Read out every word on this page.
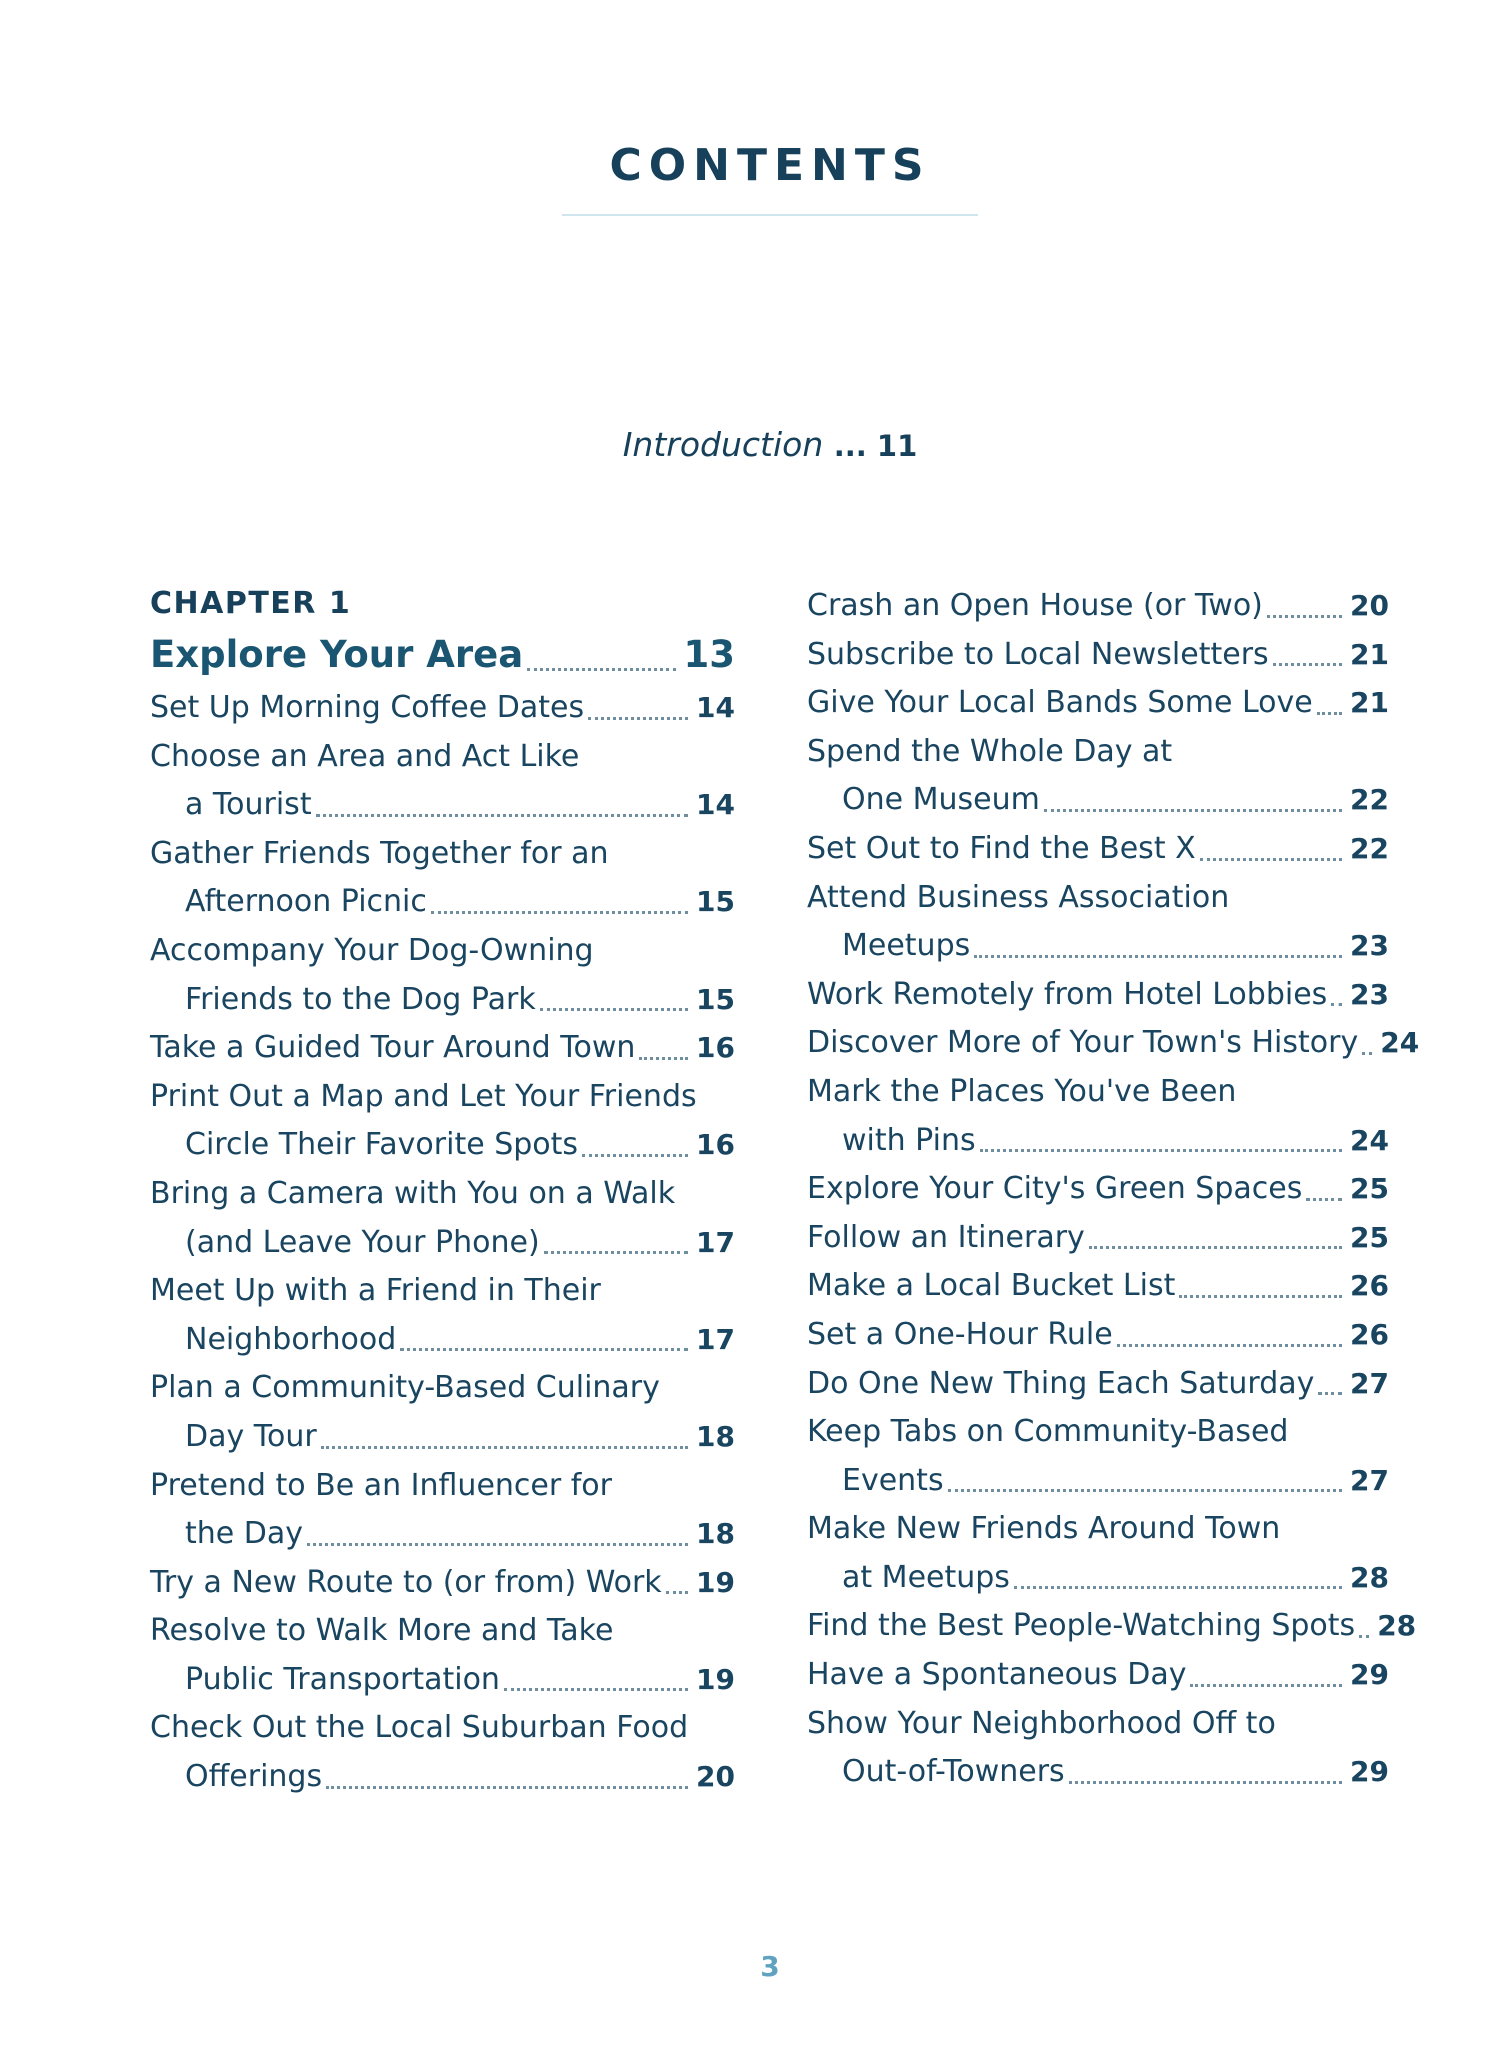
CONTENTS
Introduction ... 11
CHAPTER 1
Explore Your Area	13
Set Up Morning Coffee Dates	14
Choose an Area and Act Like
a Tourist	14
Gather Friends Together for an
Afternoon Picnic	15
Accompany Your Dog-Owning
Friends to the Dog Park	15
Take a Guided Tour Around Town 16
Print Out a Map and Let Your Friends
Circle Their Favorite Spots	16
Bring a Camera with You on a Walk
(and Leave Your Phone)	17
Meet Up with a Friend in Their
Neighborhood	17
Plan a Community-Based Culinary
Day Tour	18
Pretend to Be an Influencer for
the Day	18
Try a New Route to (or from) Work 19
Resolve to Walk More and Take
Public Transportation	19
Check Out the Local Suburban Food
Offerings	20
Crash an Open House (or Two)	20
Subscribe to Local Newsletters	21
Give Your Local Bands Some Love 21
Spend the Whole Day at
One Museum	22
Set Out to Find the Best X	22
Attend Business Association
Meetups	23
Work Remotely from Hotel Lobbies 23
Discover More of Your Town's History 24
Mark the Places You've Been
with Pins	24
Explore Your City's Green Spaces 25
Follow an Itinerary	25
Make a Local Bucket List	26
Set a One-Hour Rule	26
Do One New Thing Each Saturday 27
Keep Tabs on Community-Based
Events	27
Make New Friends Around Town
at Meetups	28
Find the Best People-Watching Spots 28
Have a Spontaneous Day	29
Show Your Neighborhood Off to
Out-of-Towners	29
3
